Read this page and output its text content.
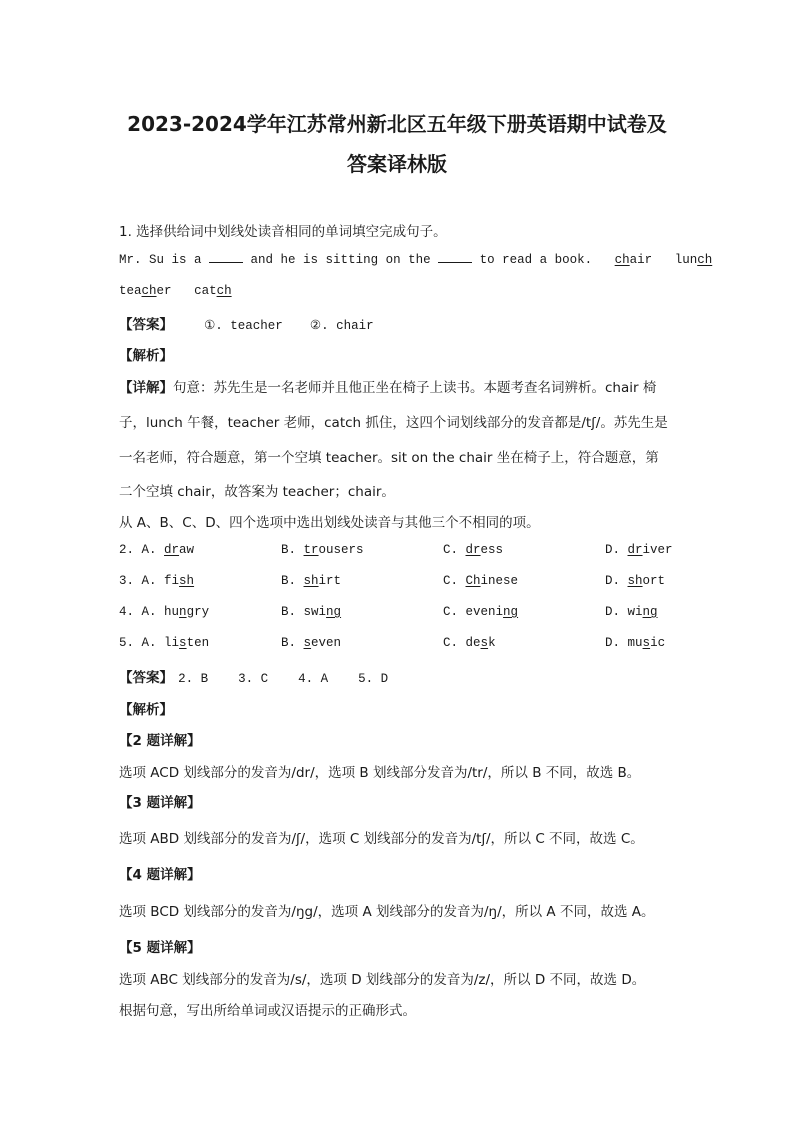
2023-2024学年江苏常州新北区五年级下册英语期中试卷及
答案译林版
1. 选择供给词中划线处读音相同的单词填空完成句子。
Mr. Su is a	and he is sitting on the	to read a book. chair lunch
teacher catch
【答案】 ①. teacher ②. chair
【解析】
【详解】句意：苏先生是一名老师并且他正坐在椅子上读书。本题考查名词辨析。chair 椅
子，lunch 午餐，teacher 老师，catch 抓住，这四个词划线部分的发音都是/tʃ/。苏先生是
一名老师，符合题意，第一个空填 teacher。sit on the chair 坐在椅子上，符合题意，第
二个空填 chair，故答案为 teacher；chair。
从 A、B、C、D、四个选项中选出划线处读音与其他三个不相同的项。
2. A. draw	B. trousers	C. dress	D. driver
3. A. fish	B. shirt	C. Chinese	D. short
4. A. hungry	B. swing	C. evening	D. wing
5. A. listen	B. seven	C. desk	D. music
【答案】 2. B    3. C    4. A    5. D
【解析】
【2 题详解】
选项 ACD 划线部分的发音为/dr/，选项 B 划线部分发音为/tr/，所以 B 不同，故选 B。
【3 题详解】
选项 ABD 划线部分的发音为/ʃ/，选项 C 划线部分的发音为/tʃ/，所以 C 不同，故选 C。
【4 题详解】
选项 BCD 划线部分的发音为/ŋg/，选项 A 划线部分的发音为/ŋ/，所以 A 不同，故选 A。
【5 题详解】
选项 ABC 划线部分的发音为/s/，选项 D 划线部分的发音为/z/，所以 D 不同，故选 D。
根据句意，写出所给单词或汉语提示的正确形式。
